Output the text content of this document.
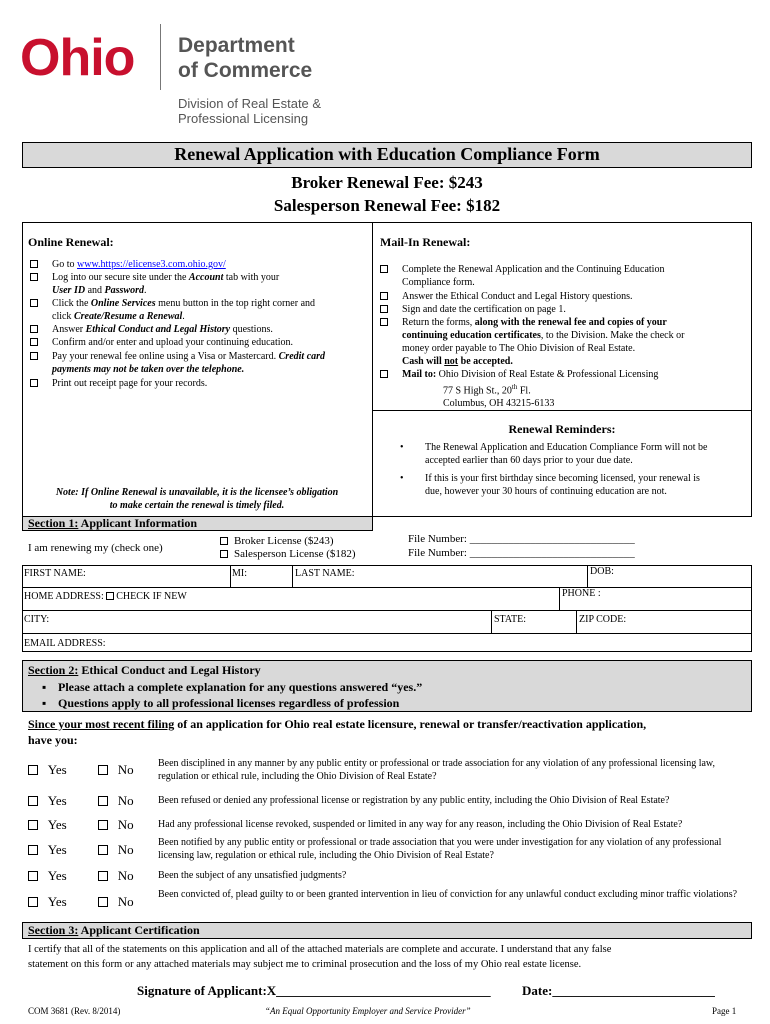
Ohio Department
of Commerce
Division of Real Estate &
Professional Licensing
Renewal Application with Education Compliance Form
Broker Renewal Fee: $243
Salesperson Renewal Fee: $182
Online Renewal:
Go to www.https://elicense3.com.ohio.gov/
Log into our secure site under the Account tab with your
User ID and Password.
Click the Online Services menu button in the top right corner and
click Create/Resume a Renewal.
Answer Ethical Conduct and Legal History questions.
Confirm and/or enter and upload your continuing education.
Pay your renewal fee online using a Visa or Mastercard. Credit card
payments may not be taken over the telephone.
Print out receipt page for your records.
Note: If Online Renewal is unavailable, it is the licensee’s obligation
to make certain the renewal is timely filed.
Mail-In Renewal:
Complete the Renewal Application and the Continuing Education
Compliance form.
Answer the Ethical Conduct and Legal History questions.
Sign and date the certification on page 1.
Return the forms, along with the renewal fee and copies of your
continuing education certificates, to the Division. Make the check or
money order payable to The Ohio Division of Real Estate.
Cash will not be accepted.
Mail to: Ohio Division of Real Estate & Professional Licensing
77 S High St., 20th Fl.
Columbus, OH 43215-6133
Renewal Reminders:
• The Renewal Application and Education Compliance Form will not be
accepted earlier than 60 days prior to your due date.
• If this is your first birthday since becoming licensed, your renewal is
due, however your 30 hours of continuing education are not.
Section 1: Applicant Information
I am renewing my (check one)
Broker License ($243)
Salesperson License ($182)
File Number: ______________________________
File Number: ______________________________
FIRST NAME:	MI:	LAST NAME:	DOB:
HOME ADDRESS: CHECK IF NEW	PHONE :
CITY:	STATE:	ZIP CODE:
EMAIL ADDRESS:
Section 2: Ethical Conduct and Legal History
▪ Please attach a complete explanation for any questions answered “yes.”
▪ Questions apply to all professional licenses regardless of profession
Since your most recent filing of an application for Ohio real estate licensure, renewal or transfer/reactivation application,
have you:
Yes	No Been disciplined in any manner by any public entity or professional or trade association for any violation of any professional licensing law, regulation or ethical rule, including the Ohio Division of Real Estate?
Yes	No Been refused or denied any professional license or registration by any public entity, including the Ohio Division of Real Estate?
Yes	No Had any professional license revoked, suspended or limited in any way for any reason, including the Ohio Division of Real Estate?
Yes	No Been notified by any public entity or professional or trade association that you were under investigation for any violation of any professional licensing law, regulation or ethical rule, including the Ohio Division of Real Estate?
Yes	No Been the subject of any unsatisfied judgments?
Yes	No Been convicted of, plead guilty to or been granted intervention in lieu of conviction for any unlawful conduct excluding minor traffic violations?
Section 3: Applicant Certification
I certify that all of the statements on this application and all of the attached materials are complete and accurate. I understand that any false
statement on this form or any attached materials may subject me to criminal prosecution and the loss of my Ohio real estate license.
Signature of Applicant:X_________________________________ Date:_________________________
COM 3681 (Rev. 8/2014)	“An Equal Opportunity Employer and Service Provider”	Page 1
